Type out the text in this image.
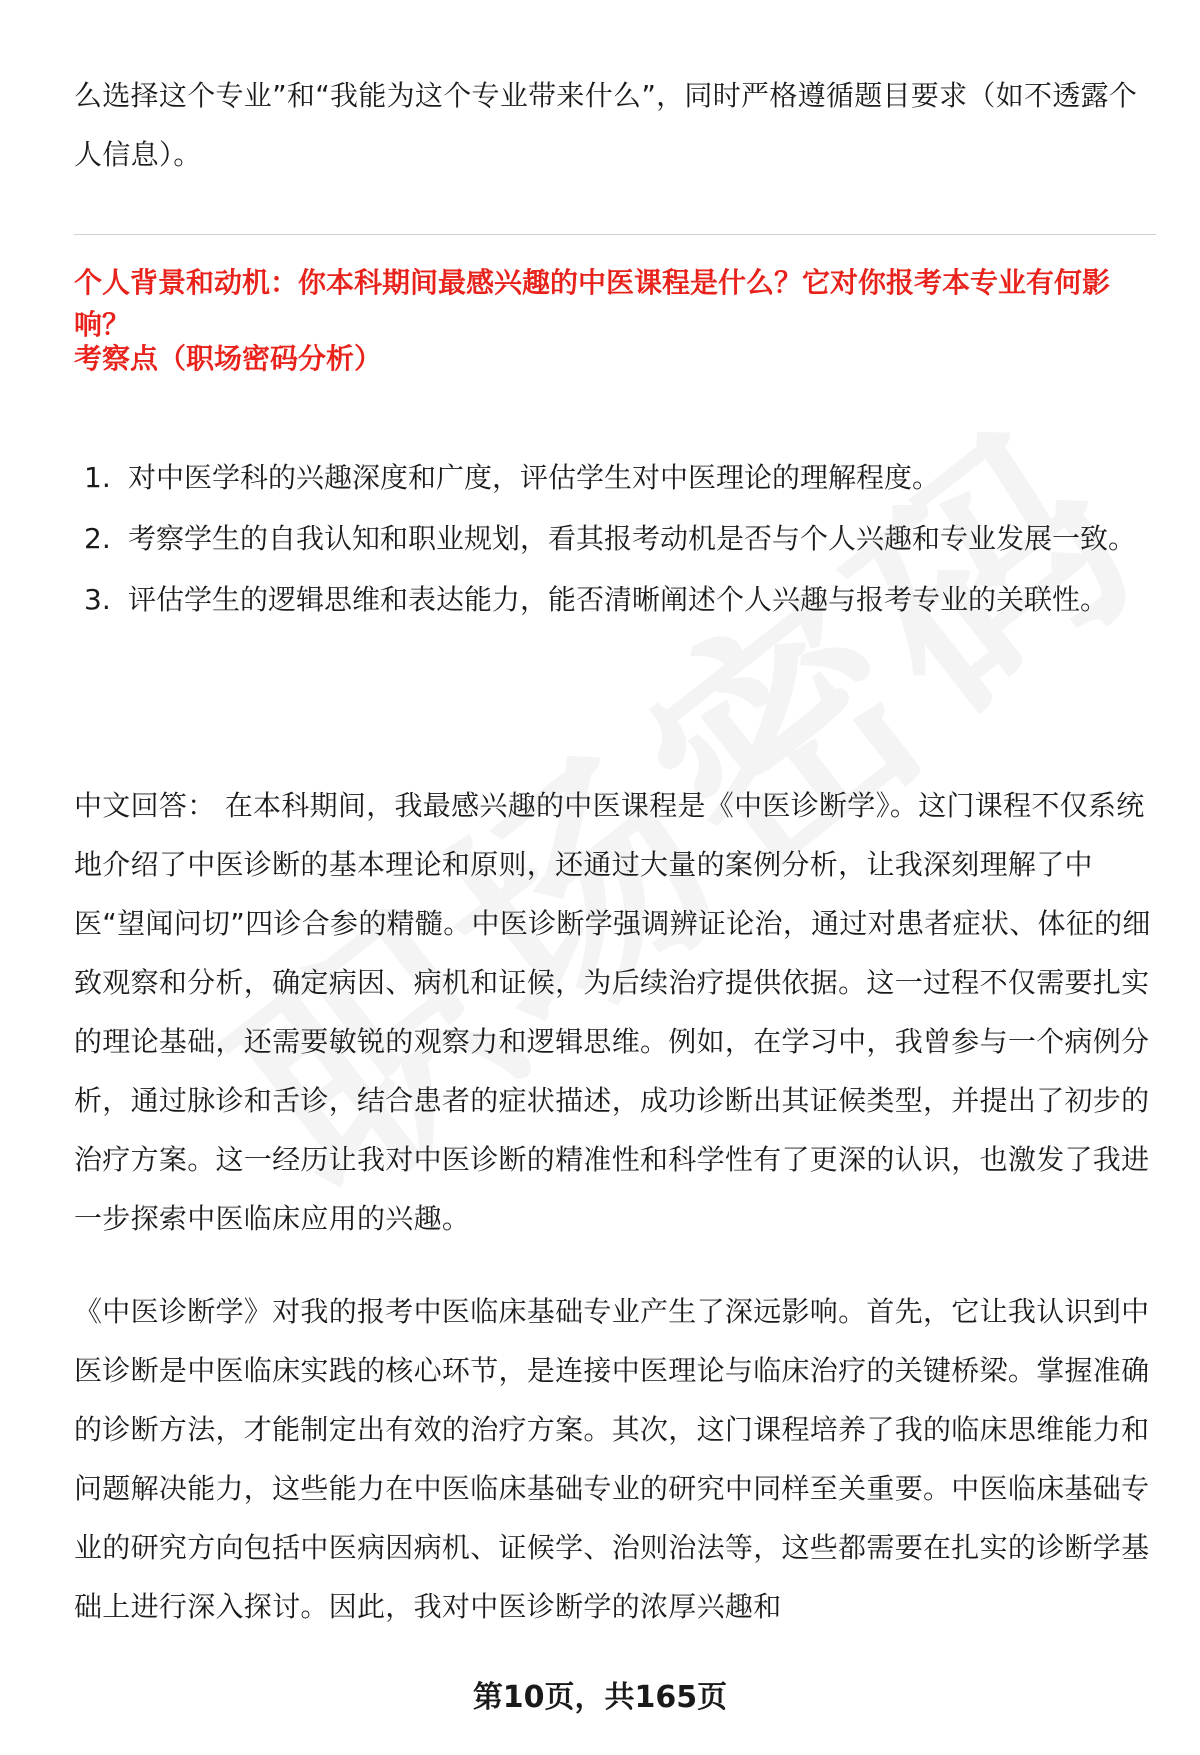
么选择这个专业”和“我能为这个专业带来什么”，同时严格遵循题目要求（如不透露个人信息）。

个人背景和动机：你本科期间最感兴趣的中医课程是什么？它对你报考本专业有何影响？

考察点（职场密码分析）

1. 对中医学科的兴趣深度和广度，评估学生对中医理论的理解程度。
2. 考察学生的自我认知和职业规划，看其报考动机是否与个人兴趣和专业发展一致。
3. 评估学生的逻辑思维和表达能力，能否清晰阐述个人兴趣与报考专业的关联性。

中文回答： 在本科期间，我最感兴趣的中医课程是《中医诊断学》。这门课程不仅系统地介绍了中医诊断的基本理论和原则，还通过大量的案例分析，让我深刻理解了中医“望闻问切”四诊合参的精髓。中医诊断学强调辨证论治，通过对患者症状、体征的细致观察和分析，确定病因、病机和证候，为后续治疗提供依据。这一过程不仅需要扎实的理论基础，还需要敏锐的观察力和逻辑思维。例如，在学习中，我曾参与一个病例分析，通过脉诊和舌诊，结合患者的症状描述，成功诊断出其证候类型，并提出了初步的治疗方案。这一经历让我对中医诊断的精准性和科学性有了更深的认识，也激发了我进一步探索中医临床应用的兴趣。

《中医诊断学》对我的报考中医临床基础专业产生了深远影响。首先，它让我认识到中医诊断是中医临床实践的核心环节，是连接中医理论与临床治疗的关键桥梁。掌握准确的诊断方法，才能制定出有效的治疗方案。其次，这门课程培养了我的临床思维能力和问题解决能力，这些能力在中医临床基础专业的研究中同样至关重要。中医临床基础专业的研究方向包括中医病因病机、证候学、治则治法等，这些都需要在扎实的诊断学基础上进行深入探讨。因此，我对中医诊断学的浓厚兴趣和

第10页，共165页
